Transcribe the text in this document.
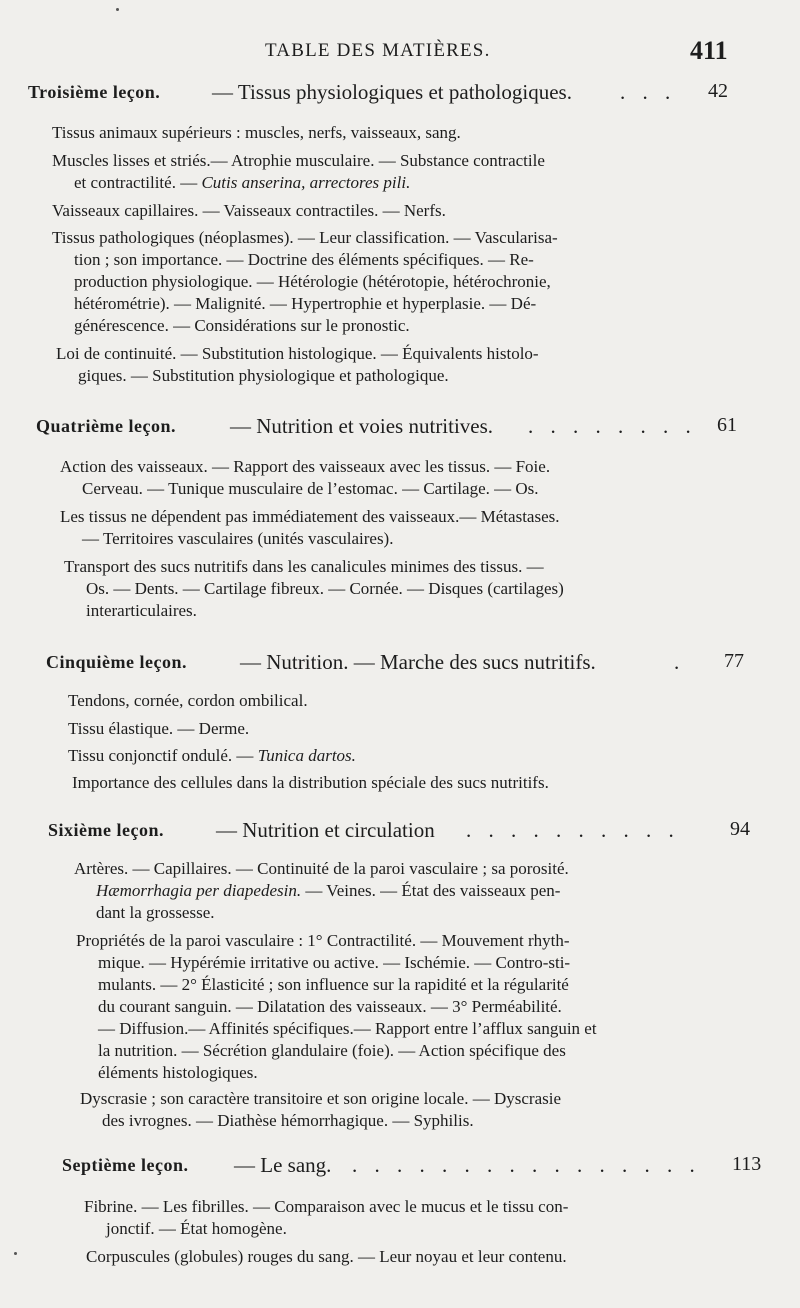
TABLE DES MATIÈRES.	411
Troisième leçon. — Tissus physiologiques et pathologiques. . . . 42
Tissus animaux supérieurs : muscles, nerfs, vaisseaux, sang.
Muscles lisses et striés.— Atrophie musculaire. — Substance contractile
et contractilité. — Cutis anserina, arrectores pili.
Vaisseaux capillaires. — Vaisseaux contractiles. — Nerfs.
Tissus pathologiques (néoplasmes). — Leur classification. — Vascularisa-
tion ; son importance. — Doctrine des éléments spécifiques. — Re-
production physiologique. — Hétérologie (hétérotopie, hétérochronie,
hétérométrie). — Malignité. — Hypertrophie et hyperplasie. — Dé-
générescence. — Considérations sur le pronostic.
Loi de continuité. — Substitution histologique. — Équivalents histolo-
giques. — Substitution physiologique et pathologique.
Quatrième leçon.	— Nutrition et voies nutritives. . . . . . . . . 61
Action des vaisseaux. — Rapport des vaisseaux avec les tissus. — Foie.
Cerveau. — Tunique musculaire de l’estomac. — Cartilage. — Os.
Les tissus ne dépendent pas immédiatement des vaisseaux.— Métastases.
— Territoires vasculaires (unités vasculaires).
Transport des sucs nutritifs dans les canalicules minimes des tissus. —
Os. — Dents. — Cartilage fibreux. — Cornée. — Disques (cartilages)
interarticulaires.
Cinquième leçon.	— Nutrition. — Marche des sucs nutritifs.	. 77
Tendons, cornée, cordon ombilical.
Tissu élastique. — Derme.
Tissu conjonctif ondulé. — Tunica dartos.
Importance des cellules dans la distribution spéciale des sucs nutritifs.
Sixième leçon. — Nutrition et circulation . . . . . . . . . .	94
Artères. — Capillaires. — Continuité de la paroi vasculaire ; sa porosité.
Hæmorrhagia per diapedesin. — Veines. — État des vaisseaux pen-
dant la grossesse.
Propriétés de la paroi vasculaire : 1° Contractilité. — Mouvement rhyth-
mique. — Hypérémie irritative ou active. — Ischémie. — Contro-sti-
mulants. — 2° Élasticité ; son influence sur la rapidité et la régularité
du courant sanguin. — Dilatation des vaisseaux. — 3° Perméabilité.
— Diffusion.— Affinités spécifiques.— Rapport entre l’afflux sanguin et
la nutrition. — Sécrétion glandulaire (foie). — Action spécifique des
éléments histologiques.
Dyscrasie ; son caractère transitoire et son origine locale. — Dyscrasie
des ivrognes. — Diathèse hémorrhagique. — Syphilis.
Septième leçon. — Le sang. . . . . . . . . . . . . . . . . 113
Fibrine. — Les fibrilles. — Comparaison avec le mucus et le tissu con-
jonctif. — État homogène.
Corpuscules (globules) rouges du sang. — Leur noyau et leur contenu.
